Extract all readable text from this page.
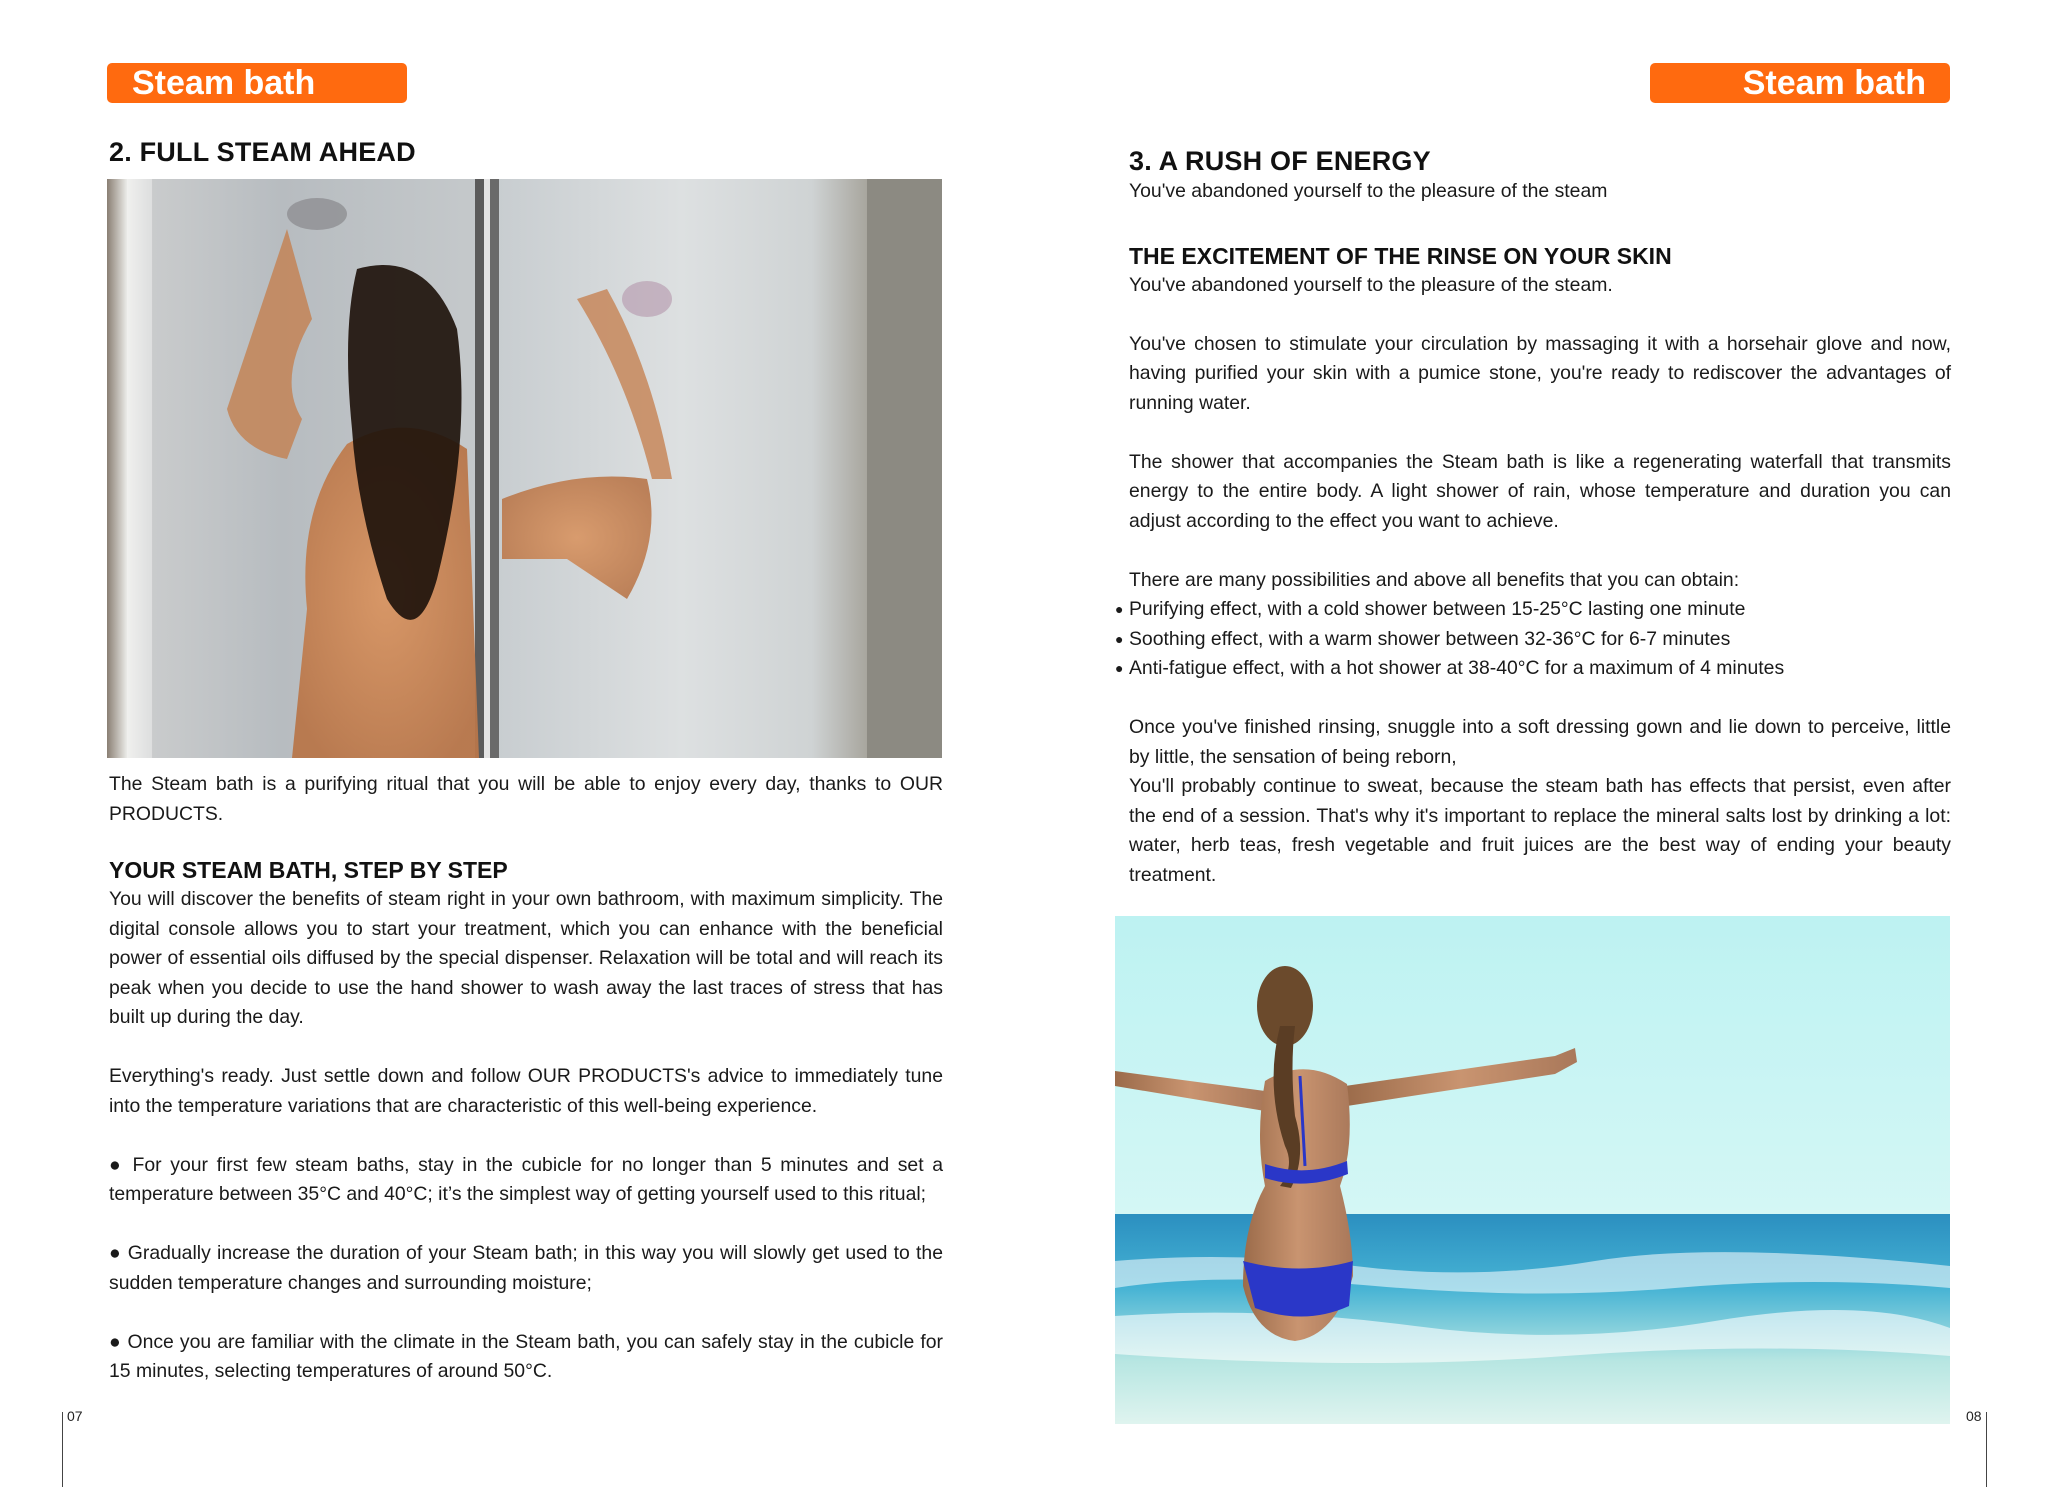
Steam bath
2. FULL STEAM AHEAD

The Steam bath is a purifying ritual that you will be able to enjoy every day, thanks to OUR PRODUCTS.

YOUR STEAM BATH, STEP BY STEP

You will discover the benefits of steam right in your own bathroom, with maximum simplicity. The digital console allows you to start your treatment, which you can enhance with the beneficial power of essential oils diffused by the special dispenser. Relaxation will be total and will reach its peak when you decide to use the hand shower to wash away the last traces of stress that has built up during the day.

Everything's ready. Just settle down and follow OUR PRODUCTS's advice to immediately tune into the temperature variations that are characteristic of this well-being experience.

● For your first few steam baths, stay in the cubicle for no longer than 5 minutes and set a temperature between 35°C and 40°C; it’s the simplest way of getting yourself used to this ritual;

● Gradually increase the duration of your Steam bath; in this way you will slowly get used to the sudden temperature changes and surrounding moisture;

● Once you are familiar with the climate in the Steam bath, you can safely stay in the cubicle for 15 minutes, selecting temperatures of around 50°C.

07
Steam bath
3. A RUSH OF ENERGY

You've abandoned yourself to the pleasure of the steam

THE EXCITEMENT OF THE RINSE ON YOUR SKIN

You've abandoned yourself to the pleasure of the steam.

You've chosen to stimulate your circulation by massaging it with a horsehair glove and now, having purified your skin with a pumice stone, you're ready to rediscover the advantages of running water.

The shower that accompanies the Steam bath is like a regenerating waterfall that transmits energy to the entire body. A light shower of rain, whose temperature and duration you can adjust according to the effect you want to achieve.

There are many possibilities and above all benefits that you can obtain:

● Purifying effect, with a cold shower between 15-25°C lasting one minute
● Soothing effect, with a warm shower between 32-36°C for 6-7 minutes
● Anti-fatigue effect, with a hot shower at 38-40°C for a maximum of 4 minutes

Once you've finished rinsing, snuggle into a soft dressing gown and lie down to perceive, little by little, the sensation of being reborn,

You'll probably continue to sweat, because the steam bath has effects that persist, even after the end of a session. That's why it's important to replace the mineral salts lost by drinking a lot: water, herb teas, fresh vegetable and fruit juices are the best way of ending your beauty treatment.

08
